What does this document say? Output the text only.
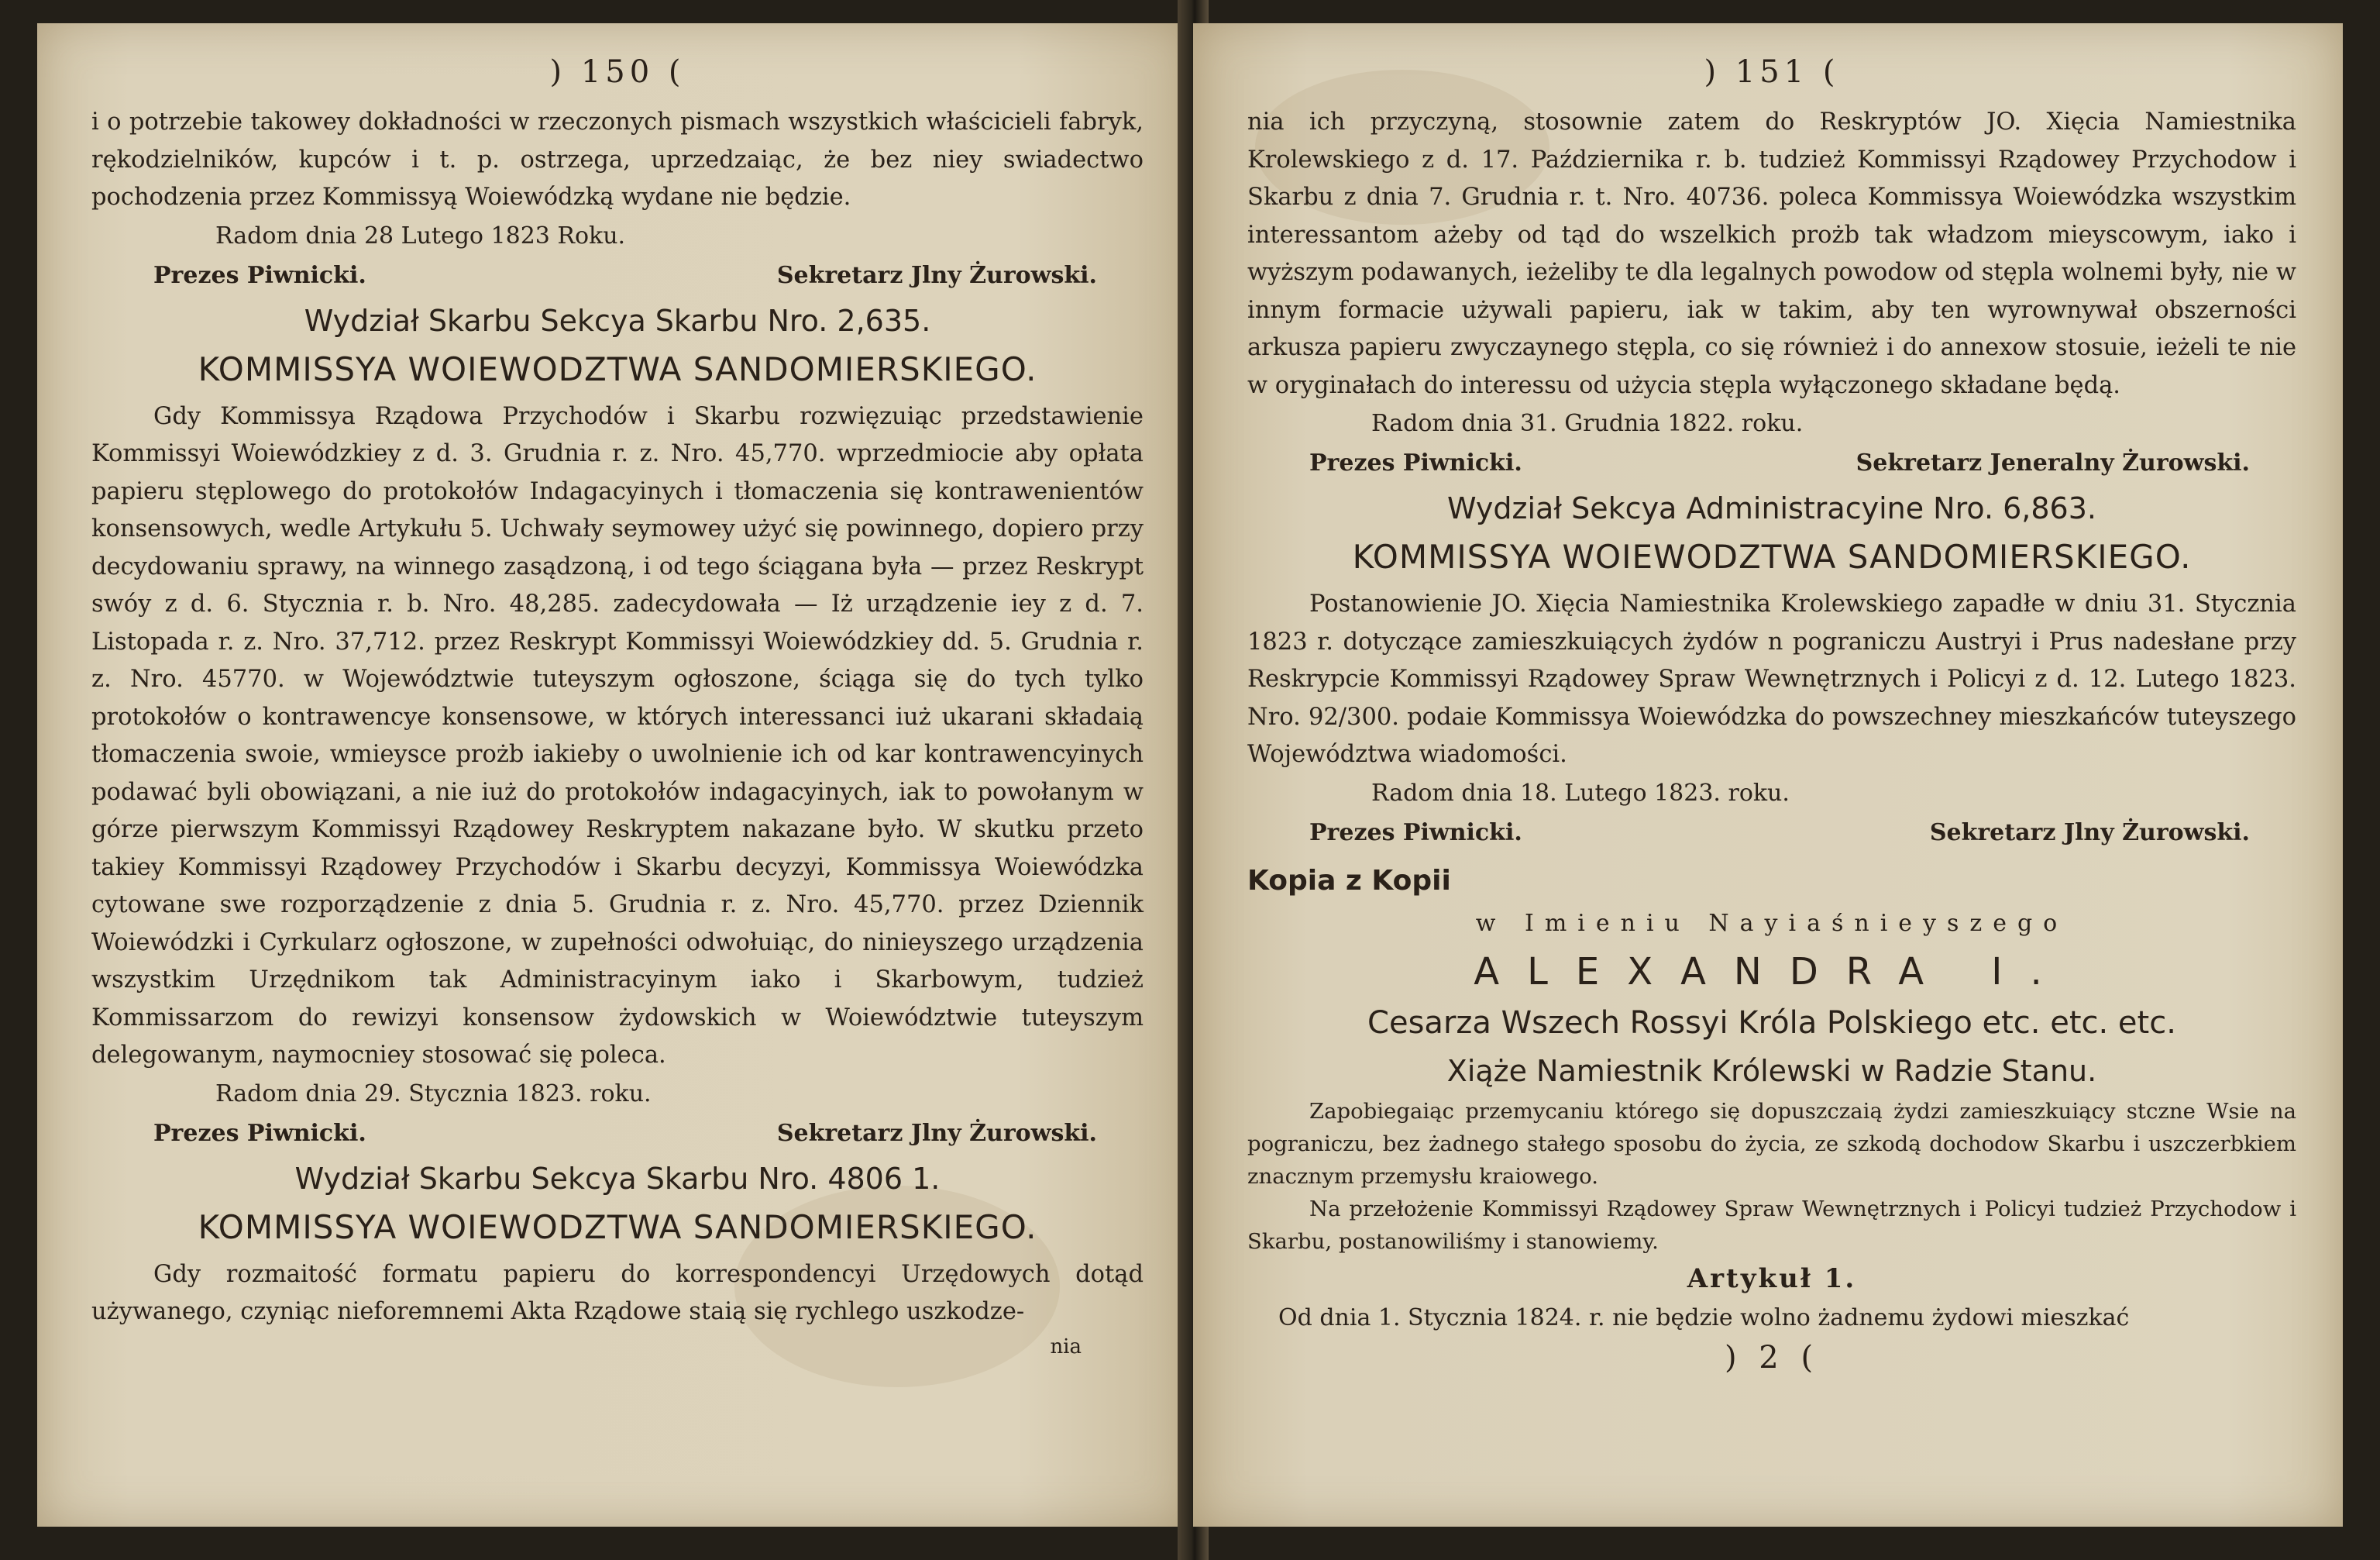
) 150 (

i o potrzebie takowey dokładności w rzeczonych pismach wszystkich właścicieli fabryk, rękodzielników, kupców i t. p. ostrzega, uprzedzaiąc, że bez niey swiadectwo pochodzenia przez Kommissyą Woiewódzką wydane nie będzie.

Radom dnia 28 Lutego 1823 Roku.
Prezes Piwnicki.	Sekretarz Jlny Żurowski.
Wydział Skarbu Sekcya Skarbu Nro. 2,635.
KOMMISSYA WOIEWODZTWA SANDOMIERSKIEGO.

Gdy Kommissya Rządowa Przychodów i Skarbu rozwięzuiąc przedstawienie Kommissyi Woiewódzkiey z d. 3. Grudnia r. z. Nro. 45,770. wprzedmiocie aby opłata papieru stęplowego do protokołów Indagacyinych i tłomaczenia się kontrawenientów konsensowych, wedle Artykułu 5. Uchwały seymowey użyć się powinnego, dopiero przy decydowaniu sprawy, na winnego zasądzoną, i od tego ściągana była — przez Reskrypt swóy z d. 6. Stycznia r. b. Nro. 48,285. zadecydowała — Iż urządzenie iey z d. 7. Listopada r. z. Nro. 37,712. przez Reskrypt Kommissyi Woiewódzkiey dd. 5. Grudnia r. z. Nro. 45770. w Województwie tuteyszym ogłoszone, ściąga się do tych tylko protokołów o kontrawencye konsensowe, w których interessanci iuż ukarani składaią tłomaczenia swoie, wmieysce prożb iakieby o uwolnienie ich od kar kontrawencyinych podawać byli obowiązani, a nie iuż do protokołów indagacyinych, iak to powołanym w górze pierwszym Kommissyi Rządowey Reskryptem nakazane było. W skutku przeto takiey Kommissyi Rządowey Przychodów i Skarbu decyzyi, Kommissya Woiewódzka cytowane swe rozporządzenie z dnia 5. Grudnia r. z. Nro. 45,770. przez Dziennik Woiewódzki i Cyrkularz ogłoszone, w zupełności odwołuiąc, do ninieyszego urządzenia wszystkim Urzędnikom tak Administracyinym iako i Skarbowym, tudzież Kommissarzom do rewizyi konsensow żydowskich w Woiewództwie tuteyszym delegowanym, naymocniey stosować się poleca.

Radom dnia 29. Stycznia 1823. roku.
Prezes Piwnicki.	Sekretarz Jlny Żurowski.
Wydział Skarbu Sekcya Skarbu Nro. 4806 1.
KOMMISSYA WOIEWODZTWA SANDOMIERSKIEGO.

Gdy rozmaitość formatu papieru do korrespondencyi Urzędowych dotąd używanego, czyniąc nieforemnemi Akta Rządowe staią się rychlego uszkodze-

nia
) 151 (

nia ich przyczyną, stosownie zatem do Reskryptów JO. Xięcia Namiestnika Krolewskiego z d. 17. Października r. b. tudzież Kommissyi Rządowey Przychodow i Skarbu z dnia 7. Grudnia r. t. Nro. 40736. poleca Kommissya Woiewódzka wszystkim interessantom ażeby od tąd do wszelkich prożb tak władzom mieyscowym, iako i wyższym podawanych, ieżeliby te dla legalnych powodow od stępla wolnemi były, nie w innym formacie używali papieru, iak w takim, aby ten wyrownywał obszerności arkusza papieru zwyczaynego stępla, co się również i do annexow stosuie, ieżeli te nie w oryginałach do interessu od użycia stępla wyłączonego składane będą.

Radom dnia 31. Grudnia 1822. roku.
Prezes Piwnicki.	Sekretarz Jeneralny Żurowski.
Wydział Sekcya Administracyine Nro. 6,863.
KOMMISSYA WOIEWODZTWA SANDOMIERSKIEGO.

Postanowienie JO. Xięcia Namiestnika Krolewskiego zapadłe w dniu 31. Stycznia 1823 r. dotyczące zamieszkuiących żydów n pograniczu Austryi i Prus nadesłane przy Reskrypcie Kommissyi Rządowey Spraw Wewnętrznych i Policyi z d. 12. Lutego 1823. Nro. 92/300. podaie Kommissya Woiewódzka do powszechney mieszkańców tuteyszego Województwa wiadomości.

Radom dnia 18. Lutego 1823. roku.
Prezes Piwnicki.	Sekretarz Jlny Żurowski.
Kopia z Kopii
w Imieniu Nayiaśnieyszego
ALEXANDRA I.
Cesarza Wszech Rossyi Króla Polskiego etc. etc. etc.
Xiąże Namiestnik Królewski w Radzie Stanu.

Zapobiegaiąc przemycaniu którego się dopuszczaią żydzi zamieszkuiący stczne Wsie na pograniczu, bez żadnego stałego sposobu do życia, ze szkodą dochodow Skarbu i uszczerbkiem znacznym przemysłu kraiowego.

Na przełożenie Kommissyi Rządowey Spraw Wewnętrznych i Policyi tudzież Przychodow i Skarbu, postanowiliśmy i stanowiemy.

Artykuł 1.

Od dnia 1. Stycznia 1824. r. nie będzie wolno żadnemu żydowi mieszkać

) 2 (
